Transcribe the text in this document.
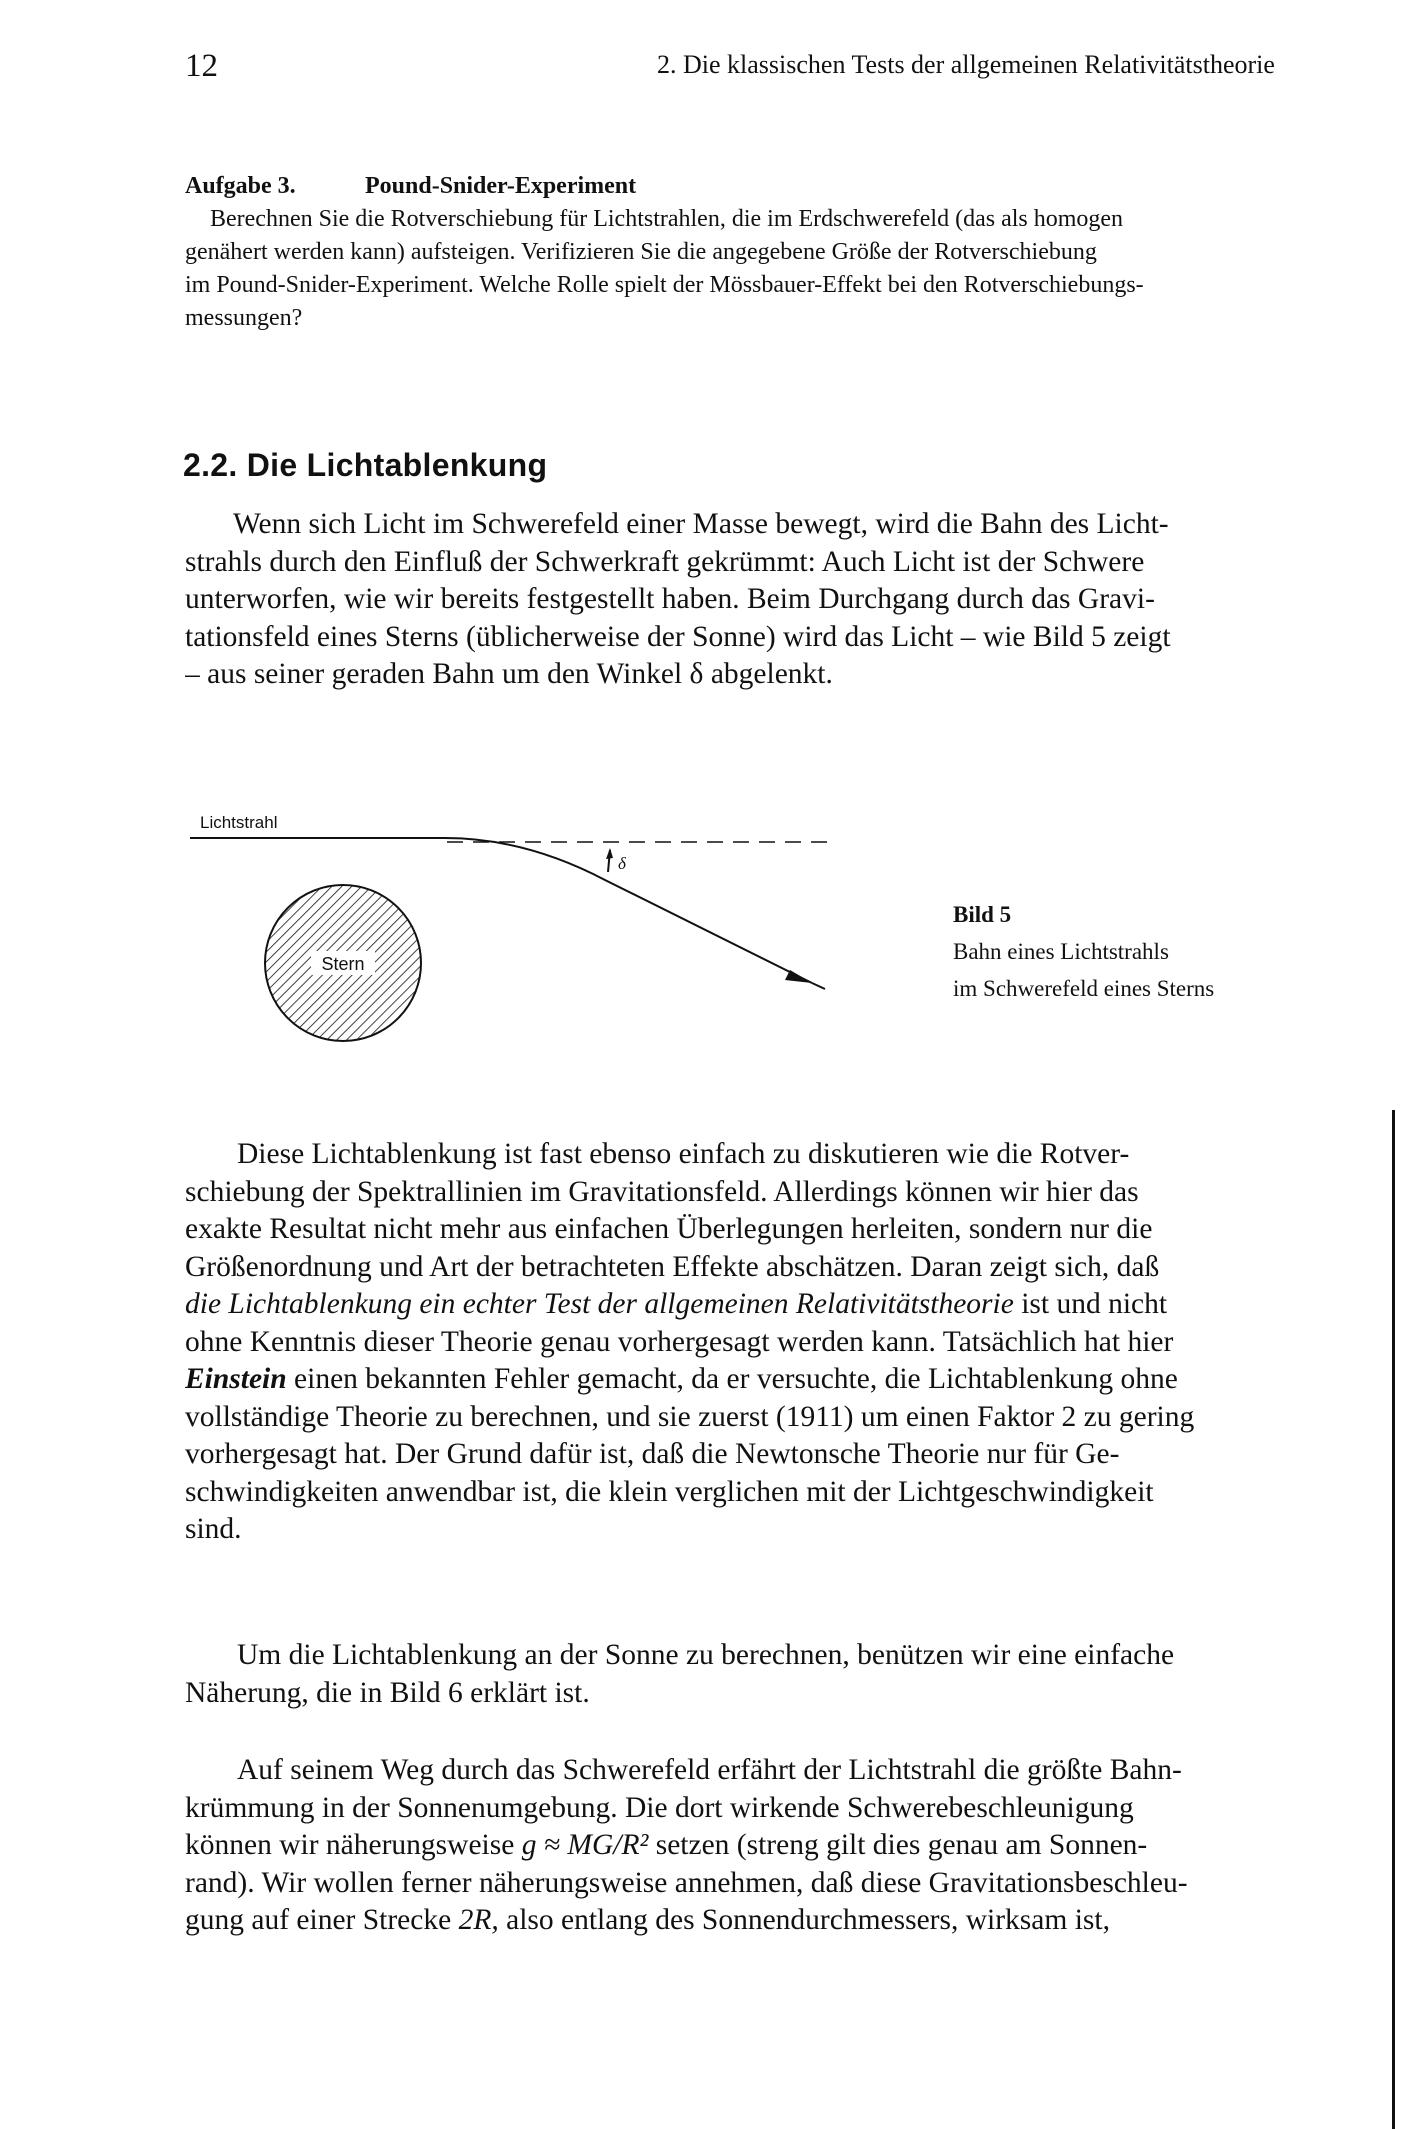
12	2. Die klassischen Tests der allgemeinen Relativitätstheorie
Aufgabe 3.	Pound-Snider-Experiment
Berechnen Sie die Rotverschiebung für Lichtstrahlen, die im Erdschwerefeld (das als homogen
genähert werden kann) aufsteigen. Verifizieren Sie die angegebene Größe der Rotverschiebung
im Pound-Snider-Experiment. Welche Rolle spielt der Mössbauer-Effekt bei den Rotverschiebungs-
messungen?
2.2. Die Lichtablenkung
Wenn sich Licht im Schwerefeld einer Masse bewegt, wird die Bahn des Licht-
strahls durch den Einfluß der Schwerkraft gekrümmt: Auch Licht ist der Schwere
unterworfen, wie wir bereits festgestellt haben. Beim Durchgang durch das Gravi-
tationsfeld eines Sterns (üblicherweise der Sonne) wird das Licht – wie Bild 5 zeigt
– aus seiner geraden Bahn um den Winkel δ abgelenkt.
Lichtstrahl
δ
Stern
Bild 5
Bahn eines Lichtstrahls
im Schwerefeld eines Sterns
Diese Lichtablenkung ist fast ebenso einfach zu diskutieren wie die Rotver-
schiebung der Spektrallinien im Gravitationsfeld. Allerdings können wir hier das
exakte Resultat nicht mehr aus einfachen Überlegungen herleiten, sondern nur die
Größenordnung und Art der betrachteten Effekte abschätzen. Daran zeigt sich, daß
die Lichtablenkung ein echter Test der allgemeinen Relativitätstheorie ist und nicht
ohne Kenntnis dieser Theorie genau vorhergesagt werden kann. Tatsächlich hat hier
Einstein einen bekannten Fehler gemacht, da er versuchte, die Lichtablenkung ohne
vollständige Theorie zu berechnen, und sie zuerst (1911) um einen Faktor 2 zu gering
vorhergesagt hat. Der Grund dafür ist, daß die Newtonsche Theorie nur für Ge-
schwindigkeiten anwendbar ist, die klein verglichen mit der Lichtgeschwindigkeit
sind.
Um die Lichtablenkung an der Sonne zu berechnen, benützen wir eine einfache
Näherung, die in Bild 6 erklärt ist.
Auf seinem Weg durch das Schwerefeld erfährt der Lichtstrahl die größte Bahn-
krümmung in der Sonnenumgebung. Die dort wirkende Schwerebeschleunigung
können wir näherungsweise g ≈ MG/R² setzen (streng gilt dies genau am Sonnen-
rand). Wir wollen ferner näherungsweise annehmen, daß diese Gravitationsbeschleu-
gung auf einer Strecke 2R, also entlang des Sonnendurchmessers, wirksam ist,
